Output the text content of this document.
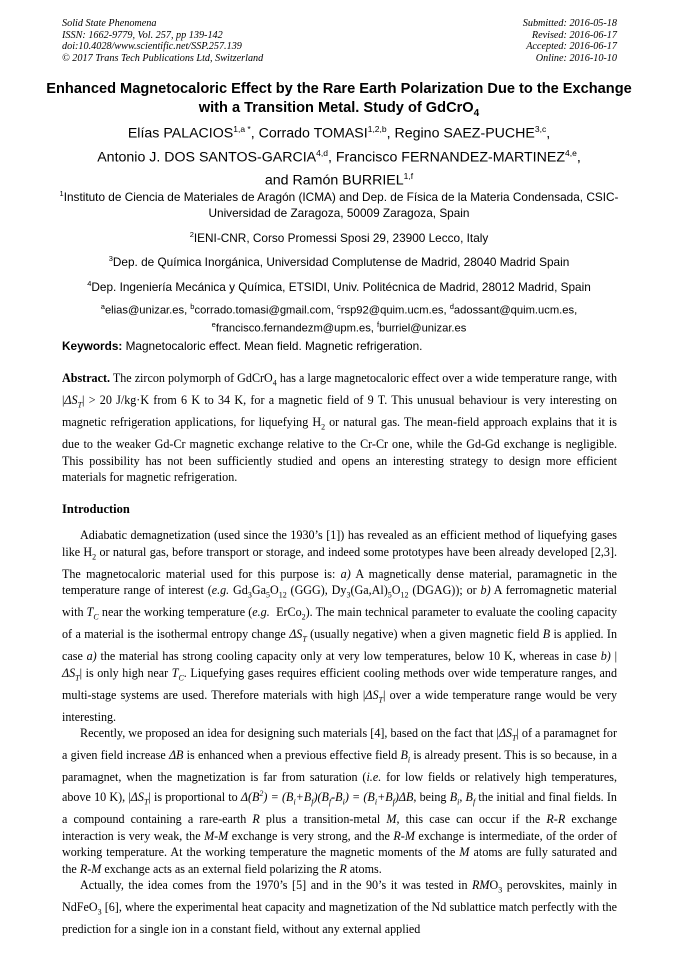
Solid State Phenomena
ISSN: 1662-9779, Vol. 257, pp 139-142
doi:10.4028/www.scientific.net/SSP.257.139
© 2017 Trans Tech Publications Ltd, Switzerland
Submitted: 2016-05-18
Revised: 2016-06-17
Accepted: 2016-06-17
Online: 2016-10-10
Enhanced Magnetocaloric Effect by the Rare Earth Polarization Due to the Exchange with a Transition Metal. Study of GdCrO$_4$
Elías $PALACIOS^{1,a *}$, Corrado TOMASI$^{1,2,b}$, Regino SAEZ-PUCHE$^{3,c}$,
Antonio J. DOS SANTOS-GARCIA$^{4,d}$, Francisco FERNANDEZ-MARTINEZ$^{4,e}$,
and Ramón BURRIEL$^{1,f}$

$^1$Instituto de Ciencia de Materiales de Aragón (ICMA) and Dep. de Física de la Materia Condensada, CSIC-Universidad de Zaragoza, 50009 Zaragoza, Spain

$^2$IENI-CNR, Corso Promessi Sposi 29, 23900 Lecco, Italy

$^3$Dep. de Química Inorgánica, Universidad Complutense de Madrid, 28040 Madrid Spain

$^4$Dep. Ingeniería Mecánica y Química, ETSIDI, Univ. Politécnica de Madrid, 28012 Madrid, Spain

$^a$elias@unizar.es, $^b$corrado.tomasi@gmail.com, $^c$rsp92@quim.ucm.es, $^d$adossant@quim.ucm.es,

$^e$francisco.fernandezm@upm.es, $^f$burriel@unizar.es

Keywords: Magnetocaloric effect. Mean field. Magnetic refrigeration.

Abstract. The zircon polymorph of GdCrO$_4$ has a large magnetocaloric effect over a wide temperature range, with $|\Delta S_T| > 20$ J/kg·K from 6 K to 34 K, for a magnetic field of 9 T. This unusual behaviour is very interesting on magnetic refrigeration applications, for liquefying $H_2$ or natural gas. The mean-field approach explains that it is due to the weaker Gd-Cr magnetic exchange relative to the Cr-Cr one, while the Gd-Gd exchange is negligible. This possibility has not been sufficiently studied and opens an interesting strategy to design more efficient materials for magnetic refrigeration.

Introduction

Adiabatic demagnetization (used since the 1930’s [1]) has revealed as an efficient method of liquefying gases like $H_2$ or natural gas, before transport or storage, and indeed some prototypes have been already developed [2,3]. The magnetocaloric material used for this purpose is: a) A magnetically dense material, paramagnetic in the temperature range of interest (e.g. $Gd_3Ga_5O_{12}$ (GGG), $Dy_3(Ga,Al)_5O_{12}$ (DGAG)); or b) A ferromagnetic material with $T_C$ near the working temperature (e.g.  ErCo$_2$). The main technical parameter to evaluate the cooling capacity of a material is the isothermal entropy change $\Delta S_T$ (usually negative) when a given magnetic field B is applied. In case a) the material has strong cooling capacity only at very low temperatures, below 10 K, whereas in case b) $|\Delta S_T|$ is only high near $T_C$. Liquefying gases requires efficient cooling methods over wide temperature ranges, and multi-stage systems are used. Therefore materials with high $|\Delta S_T|$ over a wide temperature range would be very interesting.

Recently, we proposed an idea for designing such materials [4], based on the fact that $|\Delta S_T|$ of a paramagnet for a given field increase ΔB is enhanced when a previous effective field $B_i$ is already present. This is so because, in a paramagnet, when the magnetization is far from saturation (i.e. for low fields or relatively high temperatures, above 10 K), $|\Delta S_T|$ is proportional to $\Delta(B^2) = (B_i+B_f)(B_f-B_i) = (B_i+B_f)\Delta B$, being $B_i$, $B_f$ the initial and final fields. In a compound containing a rare-earth R plus a transition-metal M, this case can occur if the R-R exchange interaction is very weak, the M-M exchange is very strong, and the R-M exchange is intermediate, of the order of working temperature. At the working temperature the magnetic moments of the M atoms are fully saturated and the R-M exchange acts as an external field polarizing the R atoms.

Actually, the idea comes from the 1970’s [5] and in the 90’s it was tested in $RMO_3$ perovskites, mainly in NdFeO$_3$ [6], where the experimental heat capacity and magnetization of the Nd sublattice match perfectly with the prediction for a single ion in a constant field, without any external applied
